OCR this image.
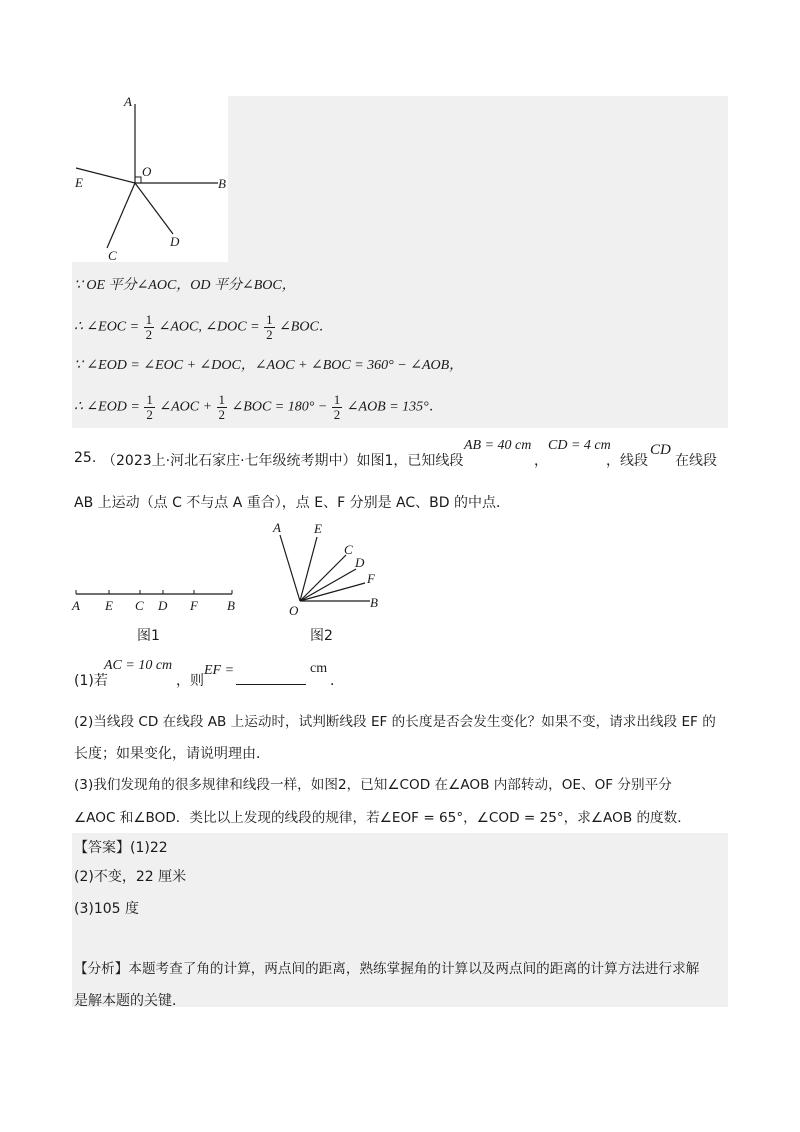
A
O
E	B
C
D
∵ OE 平分∠AOC，OD 平分∠BOC，
∴ ∠EOC = $\frac{1}{2}$ ∠AOC, ∠DOC = $\frac{1}{2}$ ∠BOC．
∵ ∠EOD = ∠EOC + ∠DOC，∠AOC + ∠BOC = 360° − ∠AOB，
∴ ∠EOD = $\frac{1}{2}$ ∠AOC + $\frac{1}{2}$ ∠BOC = $180^\circ - \frac{1}{2}$ ∠AOB = 135°．
25. （2023上·河北石家庄·七年级统考期中）如图1，已知线段
AB = 40 cm
，
CD = 4 cm
，线段
CD
在线段
AB 上运动（点 C 不与点 A 重合），点 E、F 分别是 AC、BD 的中点．
A E C D F B
图1
A	E
C
D
F
O
B
图2
(1)若
AC = 10 cm
，则
EF =	cm
．
(2)当线段 CD 在线段 AB 上运动时，试判断线段 EF 的长度是否会发生变化？如果不变，请求出线段 EF 的
长度；如果变化，请说明理由．
(3)我们发现角的很多规律和线段一样，如图2，已知∠COD 在∠AOB 内部转动，OE、OF 分别平分
∠AOC 和∠BOD．类比以上发现的线段的规律，若∠EOF = 65°，∠COD = 25°，求∠AOB 的度数．
【答案】(1)22
(2)不变，22 厘米
(3)105 度
【分析】本题考查了角的计算，两点间的距离，熟练掌握角的计算以及两点间的距离的计算方法进行求解
是解本题的关键．
